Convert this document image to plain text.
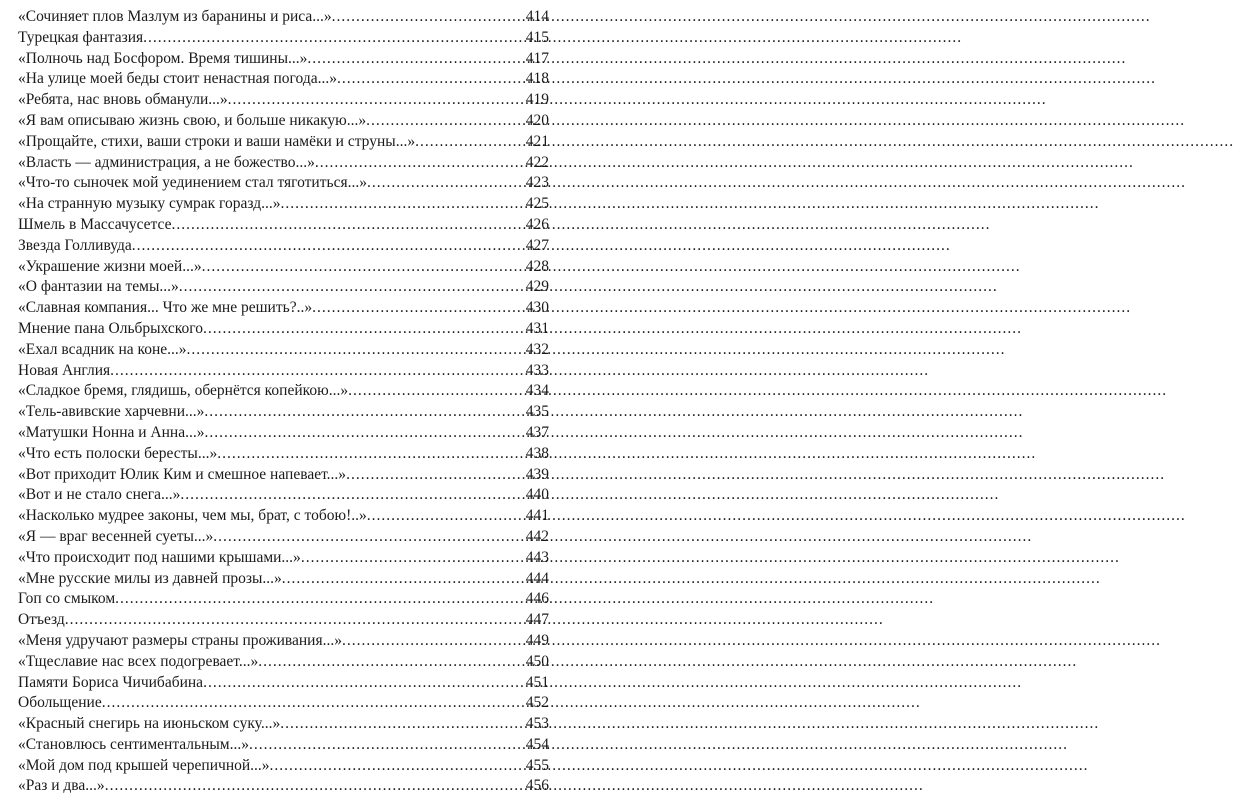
«Сочиняет плов Мазлум из баранины и риса...» .....	414
Турецкая фантазия .....	415
«Полночь над Босфором. Время тишины...» .....	417
«На улице моей беды стоит ненастная погода...» .....	418
«Ребята, нас вновь обманули...» .....	419
«Я вам описываю жизнь свою, и больше никакую...» .....	420
«Прощайте, стихи, ваши строки и ваши намёки и струны...» .....	421
«Власть — администрация, а не божество...» .....	422
«Что-то сыночек мой уединением стал тяготиться...» .....	423
«На странную музыку сумрак горазд...» .....	425
Шмель в Массачусетсе .....	426
Звезда Голливуда .....	427
«Украшение жизни моей...» .....	428
«О фантазии на темы...» .....	429
«Славная компания... Что же мне решить?..» .....	430
Мнение пана Ольбрыхского .....	431
«Ехал всадник на коне...» .....	432
Новая Англия .....	433
«Сладкое бремя, глядишь, обернётся копейкою...» .....	434
«Тель-авивские харчевни...» .....	435
«Матушки Нонна и Анна...» .....	437
«Что есть полоски бересты...» .....	438
«Вот приходит Юлик Ким и смешное напевает...» .....	439
«Вот и не стало снега...» .....	440
«Насколько мудрее законы, чем мы, брат, с тобою!..» .....	441
«Я — враг весенней суеты...» .....	442
«Что происходит под нашими крышами...» .....	443
«Мне русские милы из давней прозы...» .....	444
Гоп со смыком .....	446
Отъезд .....	447
«Меня удручают размеры страны проживания...» .....	449
«Тщеславие нас всех подогревает...» .....	450
Памяти Бориса Чичибабина .....	451
Обольщение .....	452
«Красный снегирь на июньском суку...» .....	453
«Становлюсь сентиментальным...» .....	454
«Мой дом под крышей черепичной...» .....	455
«Раз и два...» .....	456
